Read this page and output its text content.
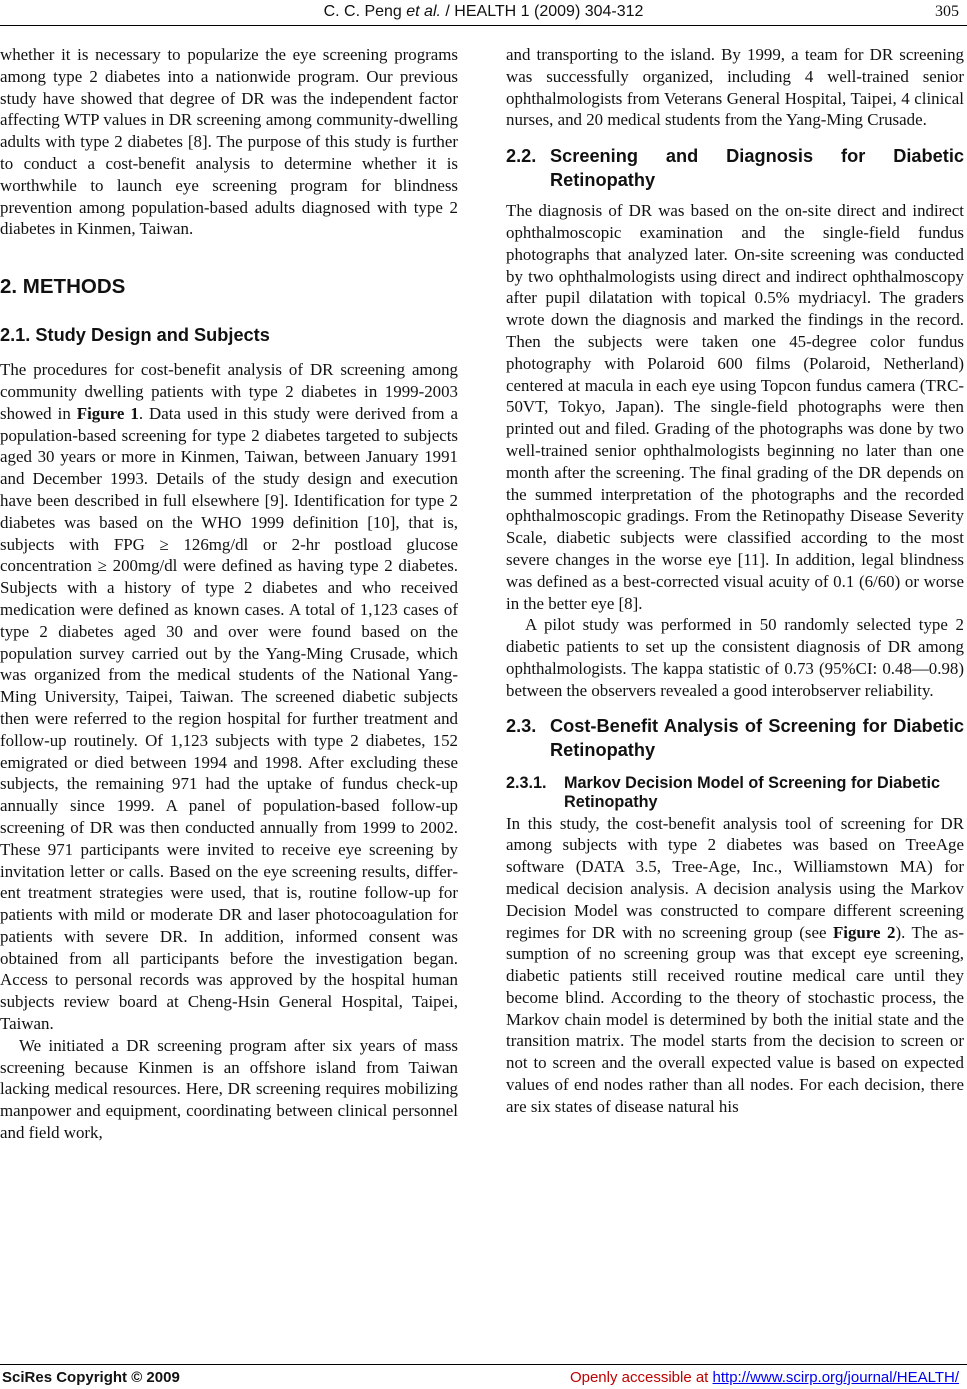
C. C. Peng et al. / HEALTH 1 (2009) 304-312	305

whether it is necessary to popularize the eye screening programs among type 2 diabetes into a nationwide program. Our previous study have showed that degree of DR was the independent factor affecting WTP values in DR screening among community-dwelling adults with type 2 diabetes [8]. The purpose of this study is further to conduct a cost-benefit analysis to determine whether it is worthwhile to launch eye screening program for blindness prevention among population-based adults diagnosed with type 2 diabetes in Kinmen, Taiwan.

2. METHODS
2.1. Study Design and Subjects

The procedures for cost-benefit analysis of DR screening among community dwelling patients with type 2 diabetes in 1999-2003 showed in Figure 1. Data used in this study were derived from a population-based screening for type 2 diabetes targeted to subjects aged 30 years or more in Kinmen, Taiwan, between January 1991 and December 1993. Details of the study design and execution have been described in full elsewhere [9]. Identification for type 2 diabetes was based on the WHO 1999 definition [10], that is, subjects with FPG ≥ 126mg/dl or 2-hr postload glucose concentration ≥ 200mg/dl were defined as having type 2 diabetes. Subjects with a history of type 2 diabetes and who received medication were defined as known cases. A total of 1,123 cases of type 2 diabetes aged 30 and over were found based on the population survey carried out by the Yang-Ming Crusade, which was organized from the medical students of the National Yang-Ming University, Taipei, Taiwan. The screened diabetic subjects then were referred to the region hospital for further treatment and follow-up routinely. Of 1,123 subjects with type 2 diabetes, 152 emigrated or died between 1994 and 1998. After excluding these subjects, the remaining 971 had the uptake of fundus check-up annually since 1999. A panel of population-based follow-up screening of DR was then conducted annually from 1999 to 2002. These 971 participants were invited to receive eye screening by invitation letter or calls. Based on the eye screening results, different treatment strategies were used, that is, routine follow-up for patients with mild or moderate DR and laser photocoagulation for patients with severe DR. In addition, informed consent was obtained from all participants before the investigation began. Access to personal records was approved by the hospital human subjects review board at Cheng-Hsin General Hospital, Taipei, Taiwan.

We initiated a DR screening program after six years of mass screening because Kinmen is an offshore island from Taiwan lacking medical resources. Here, DR screening requires mobilizing manpower and equipment, coordinating between clinical personnel and field work,

and transporting to the island. By 1999, a team for DR screening was successfully organized, including 4 well-trained senior ophthalmologists from Veterans General Hospital, Taipei, 4 clinical nurses, and 20 medical students from the Yang-Ming Crusade.

2.2. Screening and Diagnosis for Diabetic Retinopathy

The diagnosis of DR was based on the on-site direct and indirect ophthalmoscopic examination and the single-field fundus photographs that analyzed later. On-site screening was conducted by two ophthalmologists using direct and indirect ophthalmoscopy after pupil dilatation with topical 0.5% mydriacyl. The graders wrote down the diagnosis and marked the findings in the record. Then the subjects were taken one 45-degree color fundus photography with Polaroid 600 films (Polaroid, Netherland) centered at macula in each eye using Topcon fundus camera (TRC-50VT, Tokyo, Japan). The single-field photographs were then printed out and filed. Grading of the photographs was done by two well-trained senior ophthalmologists beginning no later than one month after the screening. The final grading of the DR depends on the summed interpretation of the photographs and the recorded ophthalmoscopic gradings. From the Retinopathy Disease Severity Scale, diabetic subjects were classified according to the most severe changes in the worse eye [11]. In addition, legal blindness was defined as a best-corrected visual acuity of 0.1 (6/60) or worse in the better eye [8].

A pilot study was performed in 50 randomly selected type 2 diabetic patients to set up the consistent diagnosis of DR among ophthalmologists. The kappa statistic of 0.73 (95%CI: 0.48—0.98) between the observers revealed a good interobserver reliability.

2.3. Cost-Benefit Analysis of Screening for Diabetic Retinopathy
2.3.1.	Markov Decision Model of Screening for Diabetic Retinopathy

In this study, the cost-benefit analysis tool of screening for DR among subjects with type 2 diabetes was based on TreeAge software (DATA 3.5, Tree-Age, Inc., Williamstown MA) for medical decision analysis. A decision analysis using the Markov Decision Model was constructed to compare different screening regimes for DR with no screening group (see Figure 2). The assumption of no screening group was that except eye screening, diabetic patients still received routine medical care until they become blind. According to the theory of stochastic process, the Markov chain model is determined by both the initial state and the transition matrix. The model starts from the decision to screen or not to screen and the overall expected value is based on expected values of end nodes rather than all nodes. For each decision, there are six states of disease natural his

SciRes Copyright © 2009	Openly accessible at http://www.scirp.org/journal/HEALTH/
